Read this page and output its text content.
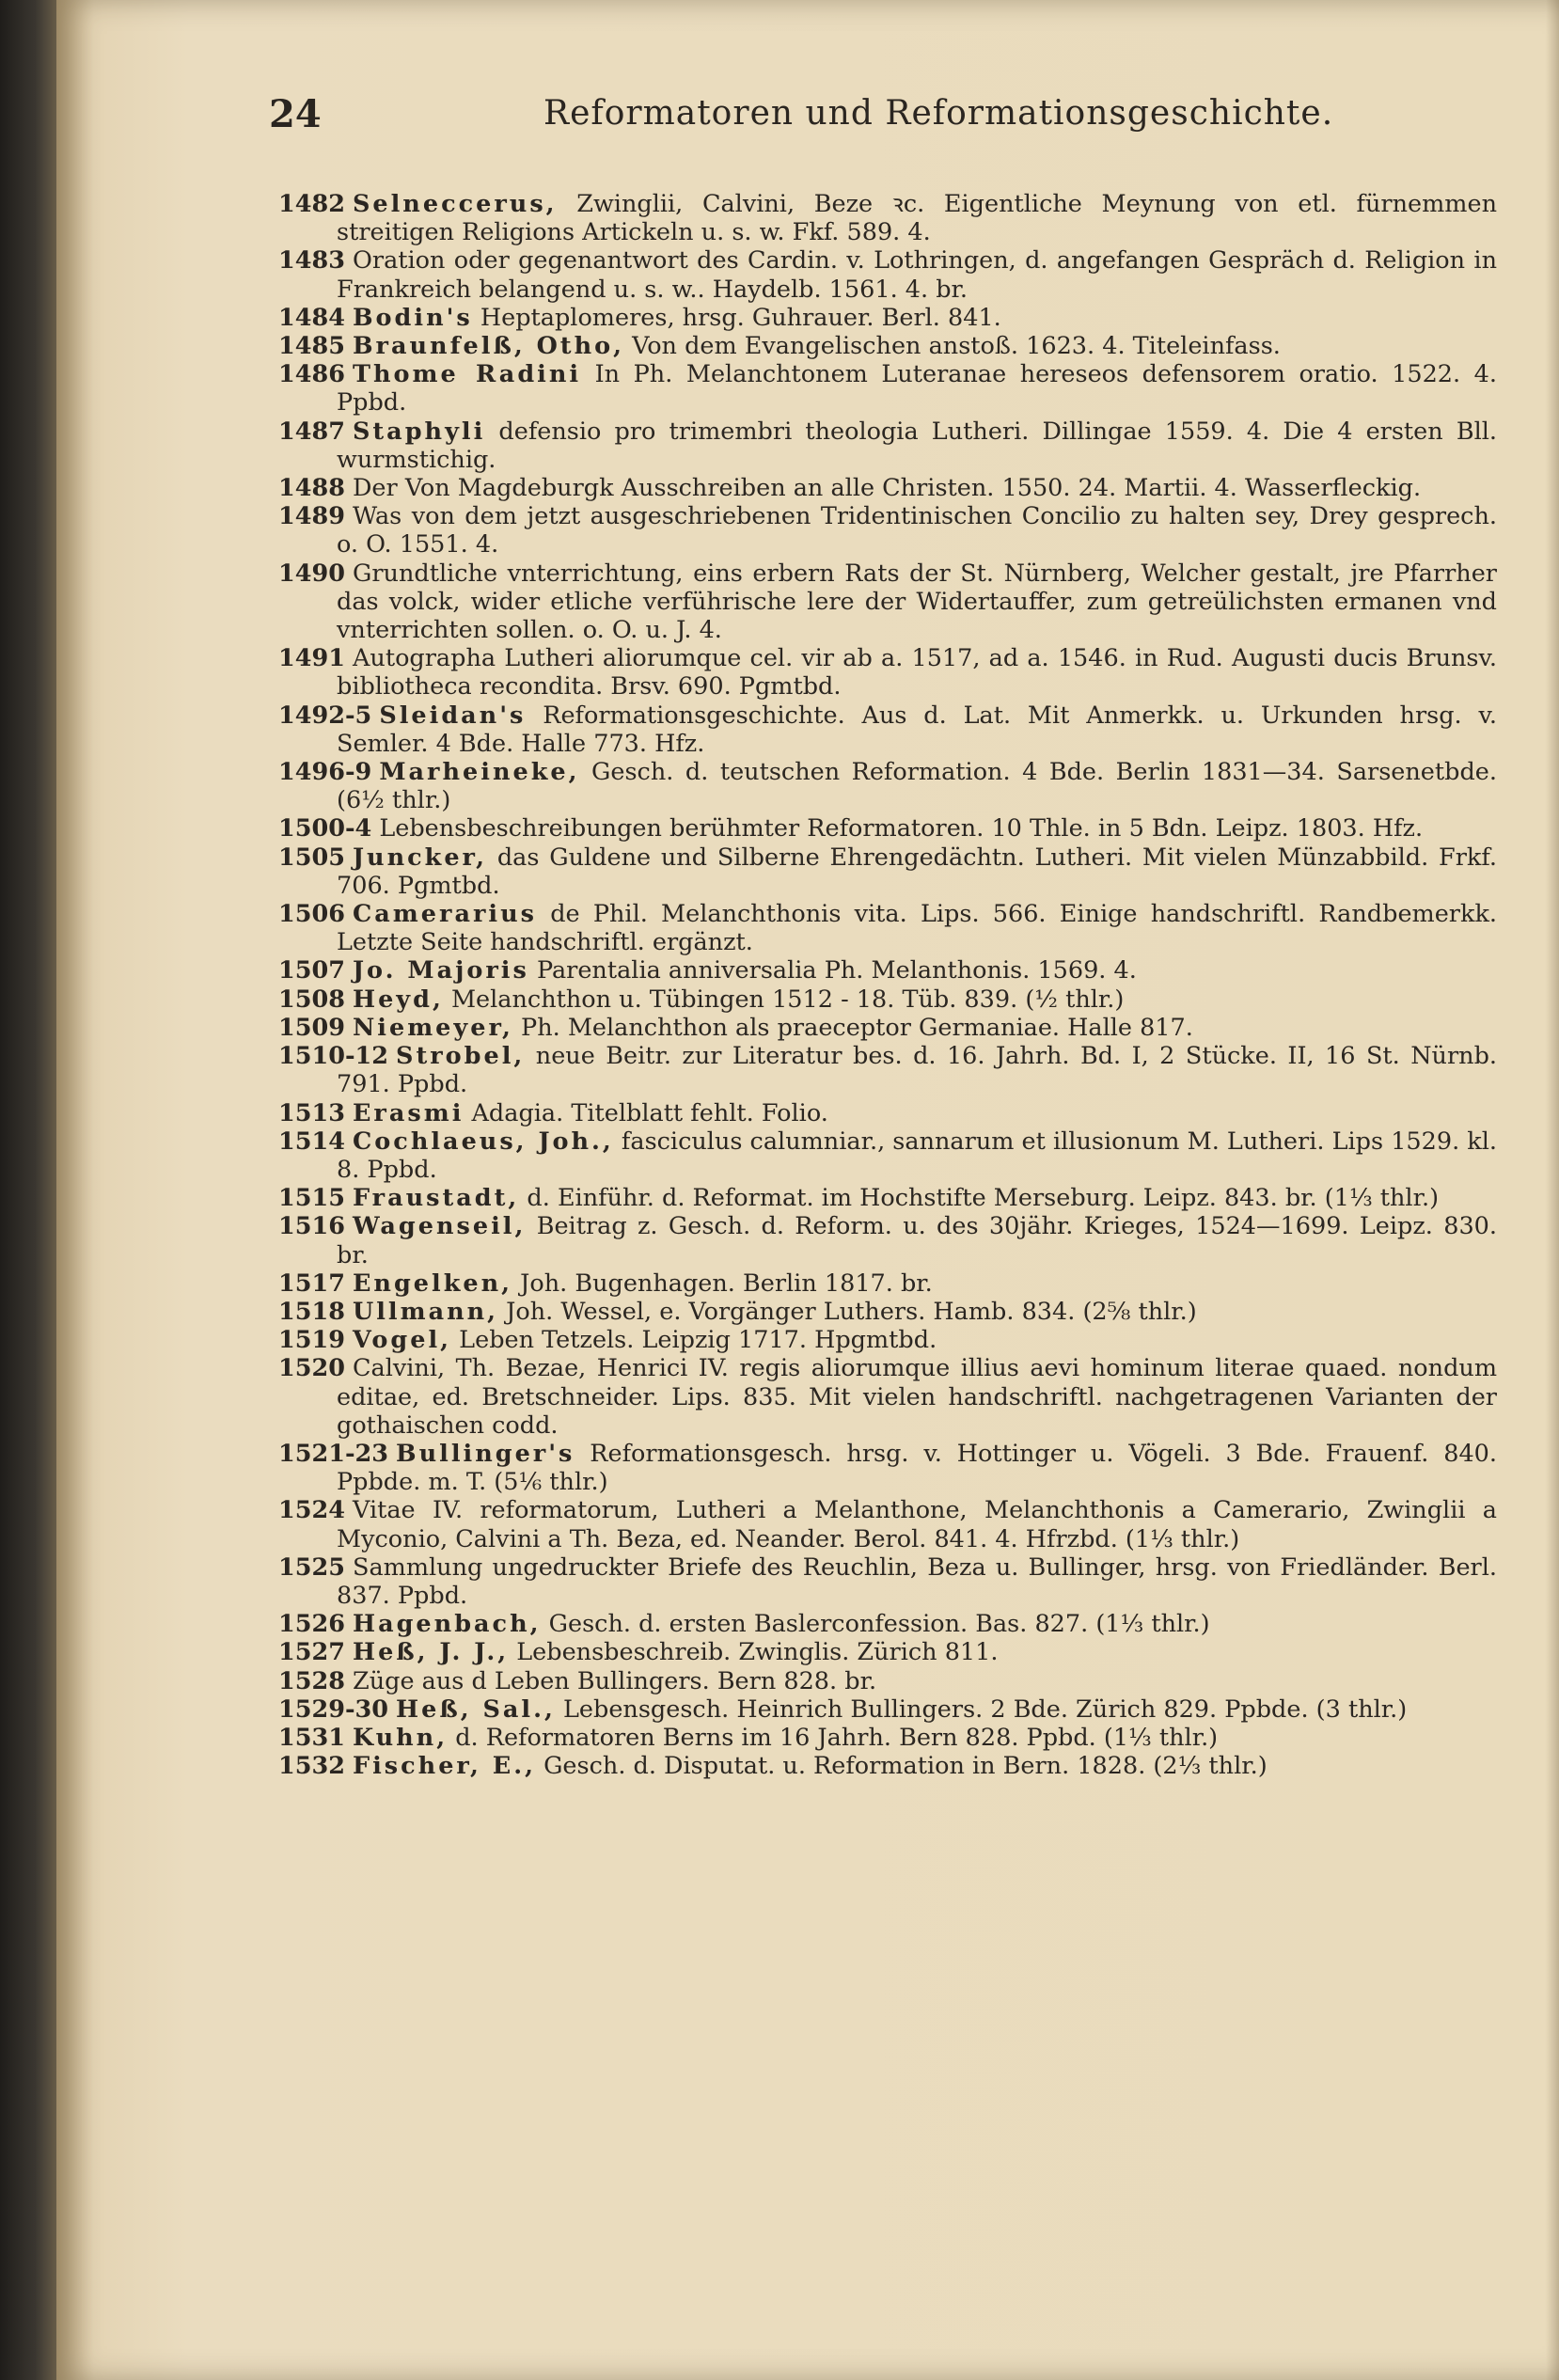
24	Reformatoren und Reformationsgeschichte.
1482 Selneccerus, Zwinglii, Calvini, Beze ꝛc. Eigentliche Meynung von etl. fürnemmen streitigen Religions Artickeln u. s. w. Fkf. 589. 4.
1483 Oration oder gegenantwort des Cardin. v. Lothringen, d. angefangen Gespräch d. Religion in Frankreich belangend u. s. w.. Haydelb. 1561. 4. br.
1484 Bodin's Heptaplomeres, hrsg. Guhrauer. Berl. 841.
1485 Braunfelß, Otho, Von dem Evangelischen anstoß. 1623. 4. Titeleinfass.
1486 Thome Radini In Ph. Melanchtonem Luteranae hereseos defensorem oratio. 1522. 4. Ppbd.
1487 Staphyli defensio pro trimembri theologia Lutheri. Dillingae 1559. 4. Die 4 ersten Bll. wurmstichig.
1488 Der Von Magdeburgk Ausschreiben an alle Christen. 1550. 24. Martii. 4. Wasserfleckig.
1489 Was von dem jetzt ausgeschriebenen Tridentinischen Concilio zu halten sey, Drey gesprech. o. O. 1551. 4.
1490 Grundtliche vnterrichtung, eins erbern Rats der St. Nürnberg, Welcher gestalt, jre Pfarrher das volck, wider etliche verführische lere der Widertauffer, zum getreülichsten ermanen vnd vnterrichten sollen. o. O. u. J. 4.
1491 Autographa Lutheri aliorumque cel. vir ab a. 1517, ad a. 1546. in Rud. Augusti ducis Brunsv. bibliotheca recondita. Brsv. 690. Pgmtbd.
1492-5 Sleidan's Reformationsgeschichte. Aus d. Lat. Mit Anmerkk. u. Urkunden hrsg. v. Semler. 4 Bde. Halle 773. Hfz.
1496-9 Marheineke, Gesch. d. teutschen Reformation. 4 Bde. Berlin 1831—34. Sarsenetbde. (6½ thlr.)
1500-4 Lebensbeschreibungen berühmter Reformatoren. 10 Thle. in 5 Bdn. Leipz. 1803. Hfz.
1505 Juncker, das Guldene und Silberne Ehrengedächtn. Lutheri. Mit vielen Münzabbild. Frkf. 706. Pgmtbd.
1506 Camerarius de Phil. Melanchthonis vita. Lips. 566. Einige handschriftl. Randbemerkk. Letzte Seite handschriftl. ergänzt.
1507 Jo. Majoris Parentalia anniversalia Ph. Melanthonis. 1569. 4.
1508 Heyd, Melanchthon u. Tübingen 1512 - 18. Tüb. 839. (½ thlr.)
1509 Niemeyer, Ph. Melanchthon als praeceptor Germaniae. Halle 817.
1510-12 Strobel, neue Beitr. zur Literatur bes. d. 16. Jahrh. Bd. I, 2 Stücke. II, 16 St. Nürnb. 791. Ppbd.
1513 Erasmi Adagia. Titelblatt fehlt. Folio.
1514 Cochlaeus, Joh., fasciculus calumniar., sannarum et illusionum M. Lutheri. Lips 1529. kl. 8. Ppbd.
1515 Fraustadt, d. Einführ. d. Reformat. im Hochstifte Merseburg. Leipz. 843. br. (1⅓ thlr.)
1516 Wagenseil, Beitrag z. Gesch. d. Reform. u. des 30jähr. Krieges, 1524—1699. Leipz. 830. br.
1517 Engelken, Joh. Bugenhagen. Berlin 1817. br.
1518 Ullmann, Joh. Wessel, e. Vorgänger Luthers. Hamb. 834. (2⅝ thlr.)
1519 Vogel, Leben Tetzels. Leipzig 1717. Hpgmtbd.
1520 Calvini, Th. Bezae, Henrici IV. regis aliorumque illius aevi hominum literae quaed. nondum editae, ed. Bretschneider. Lips. 835. Mit vielen handschriftl. nachgetragenen Varianten der gothaischen codd.
1521-23 Bullinger's Reformationsgesch. hrsg. v. Hottinger u. Vögeli. 3 Bde. Frauenf. 840. Ppbde. m. T. (5⅙ thlr.)
1524 Vitae IV. reformatorum, Lutheri a Melanthone, Melanchthonis a Camerario, Zwinglii a Myconio, Calvini a Th. Beza, ed. Neander. Berol. 841. 4. Hfrzbd. (1⅓ thlr.)
1525 Sammlung ungedruckter Briefe des Reuchlin, Beza u. Bullinger, hrsg. von Friedländer. Berl. 837. Ppbd.
1526 Hagenbach, Gesch. d. ersten Baslerconfession. Bas. 827. (1⅓ thlr.)
1527 Heß, J. J., Lebensbeschreib. Zwinglis. Zürich 811.
1528 Züge aus d Leben Bullingers. Bern 828. br.
1529-30 Heß, Sal., Lebensgesch. Heinrich Bullingers. 2 Bde. Zürich 829. Ppbde. (3 thlr.)
1531 Kuhn, d. Reformatoren Berns im 16 Jahrh. Bern 828. Ppbd. (1⅓ thlr.)
1532 Fischer, E., Gesch. d. Disputat. u. Reformation in Bern. 1828. (2⅓ thlr.)
